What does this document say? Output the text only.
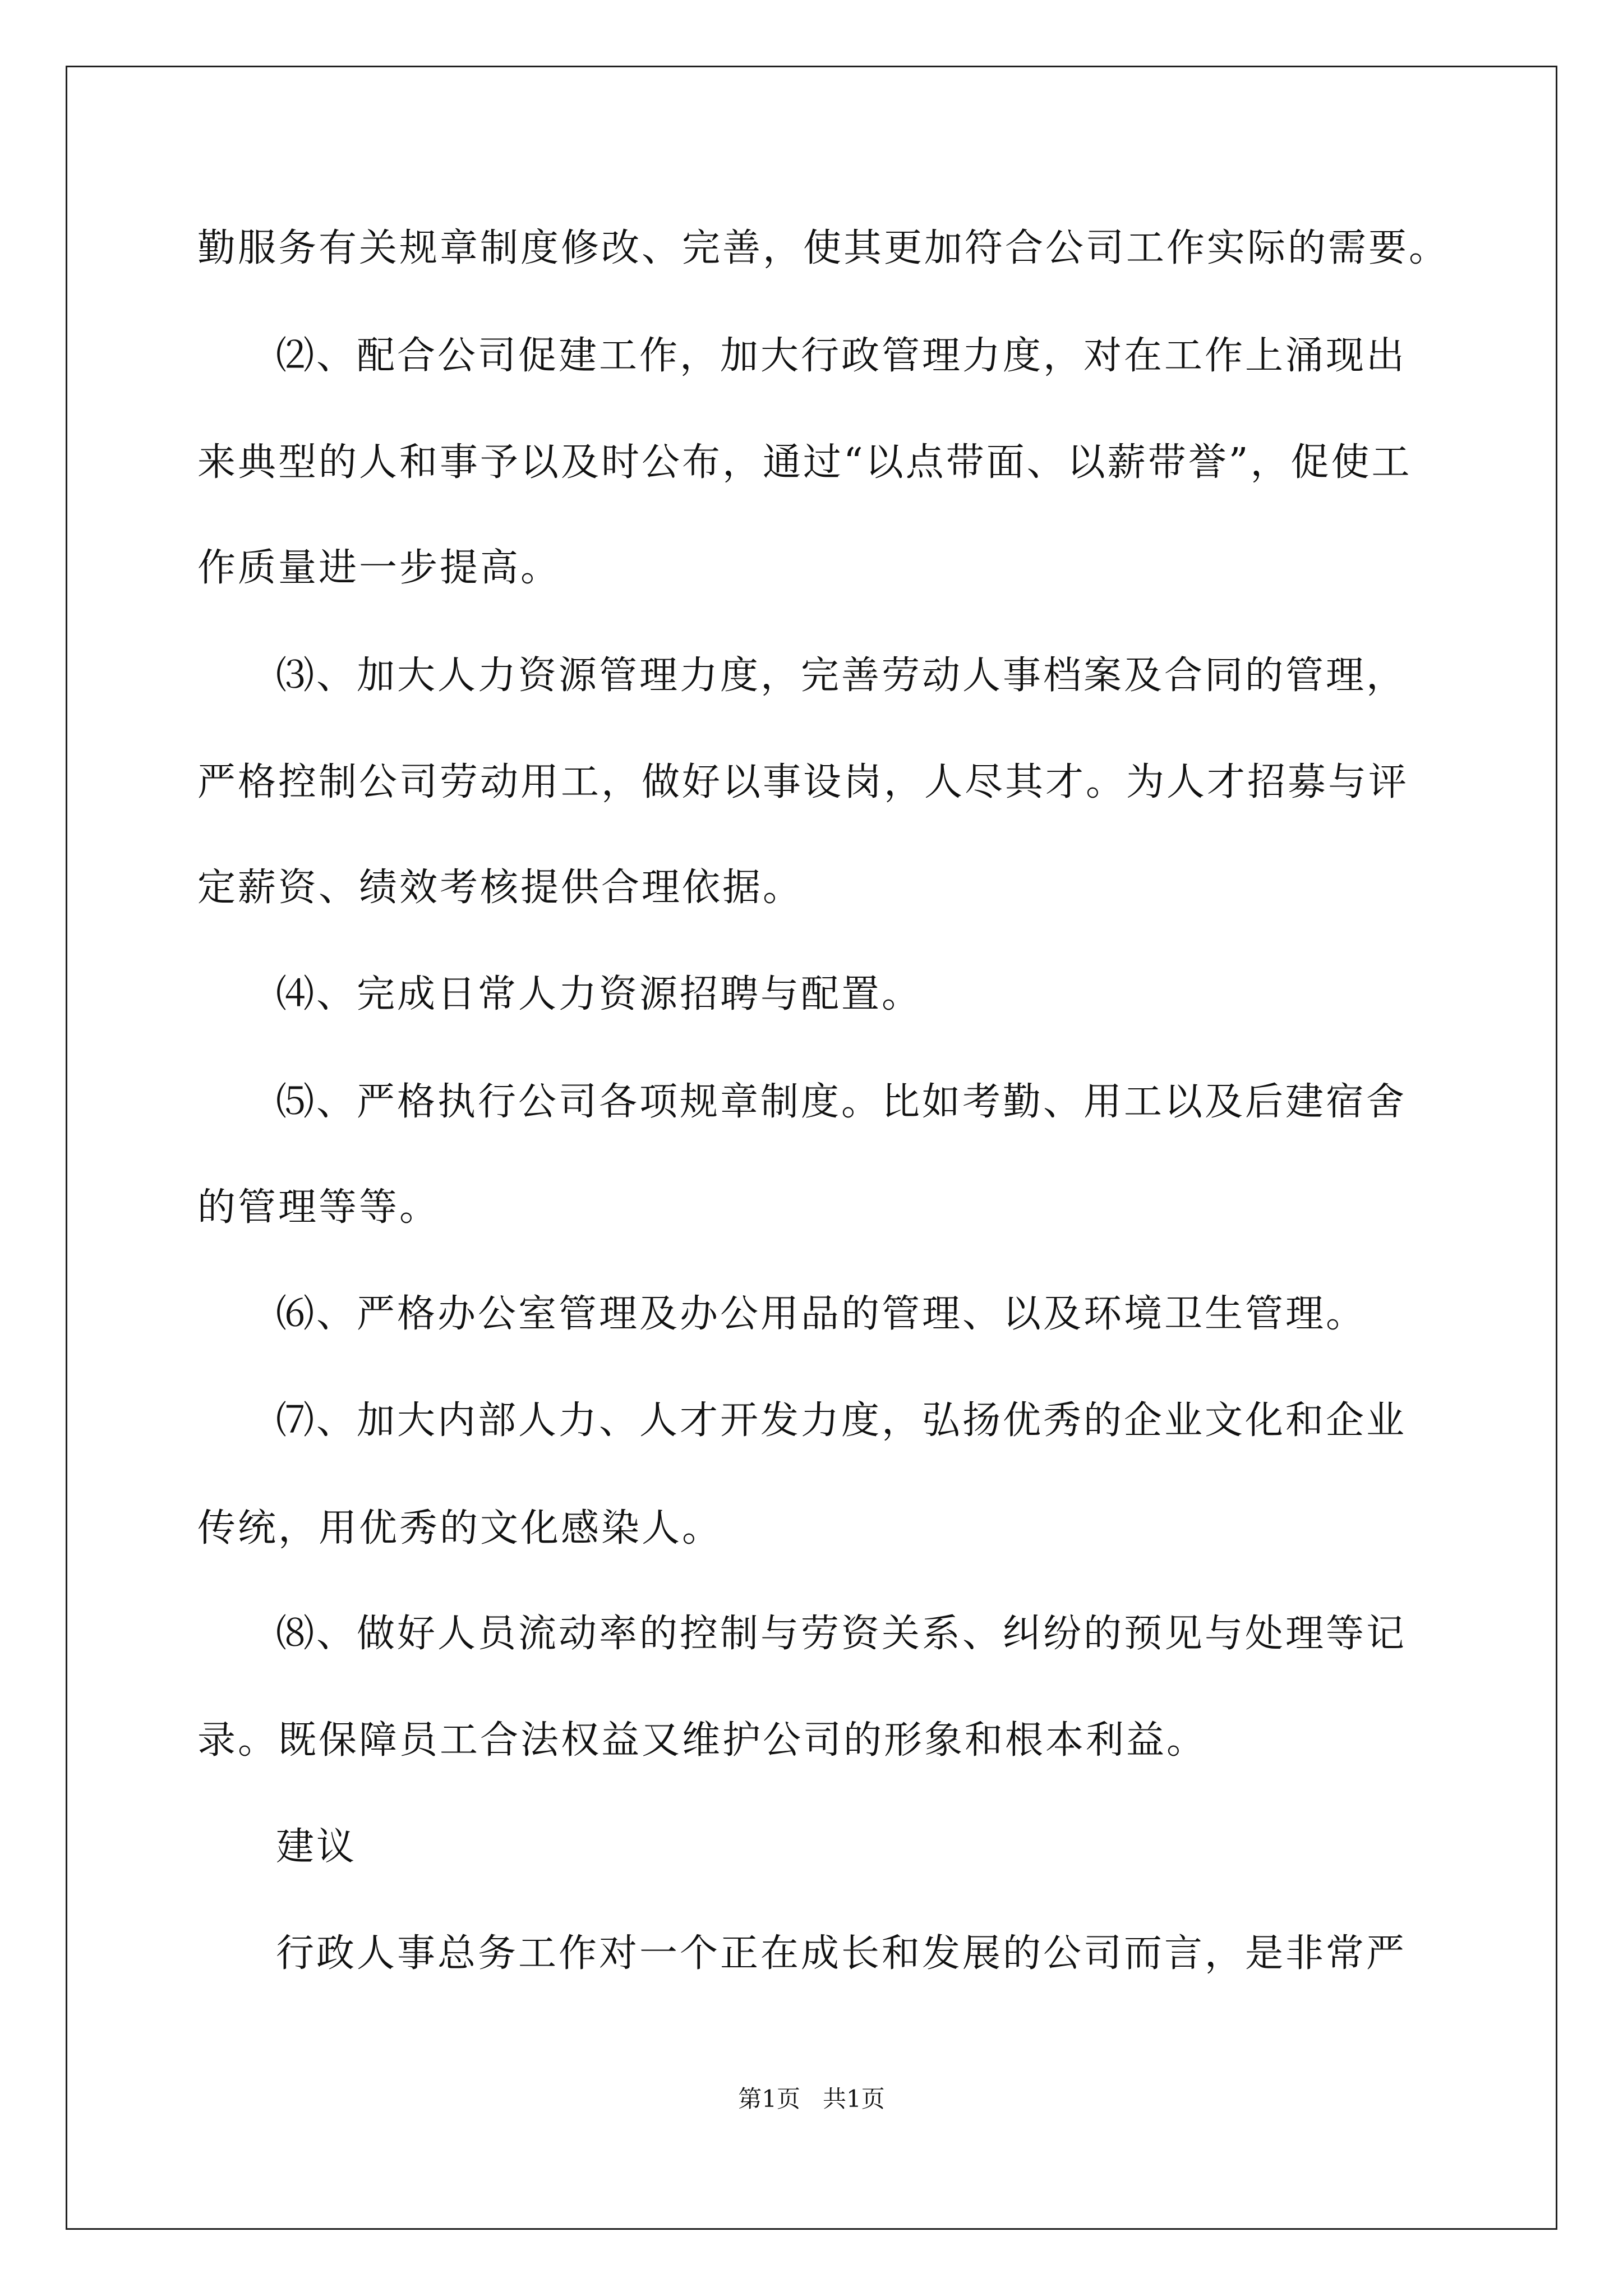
勤服务有关规章制度修改、完善，使其更加符合公司工作实际的需要。
⑵、配合公司促建工作，加大行政管理力度，对在工作上涌现出
来典型的人和事予以及时公布，通过“以点带面、以薪带誉”，促使工
作质量进一步提高。
⑶、加大人力资源管理力度，完善劳动人事档案及合同的管理，
严格控制公司劳动用工，做好以事设岗，人尽其才。为人才招募与评
定薪资、绩效考核提供合理依据。
⑷、完成日常人力资源招聘与配置。
⑸、严格执行公司各项规章制度。比如考勤、用工以及后建宿舍
的管理等等。
⑹、严格办公室管理及办公用品的管理、以及环境卫生管理。
⑺、加大内部人力、人才开发力度，弘扬优秀的企业文化和企业
传统，用优秀的文化感染人。
⑻、做好人员流动率的控制与劳资关系、纠纷的预见与处理等记
录。既保障员工合法权益又维护公司的形象和根本利益。
建议
行政人事总务工作对一个正在成长和发展的公司而言，是非常严
第1页   共1页
